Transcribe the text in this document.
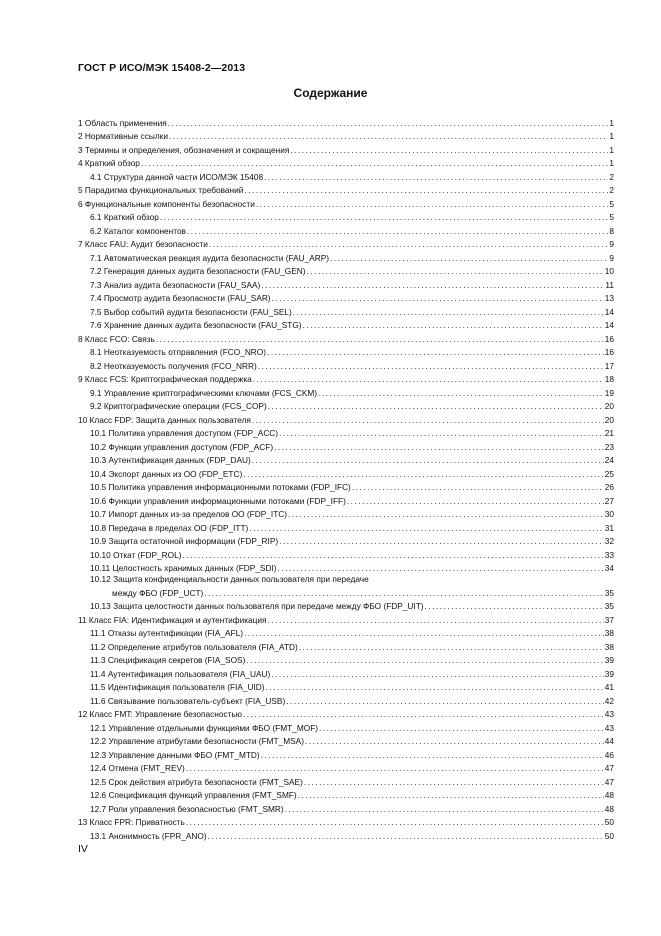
ГОСТ Р ИСО/МЭК 15408-2—2013
Содержание
1 Область применения . . .	1
2 Нормативные ссылки . . .	1
3 Термины и определения, обозначения и сокращения . . .	1
4 Краткий обзор . . .	1
4.1 Структура данной части ИСО/МЭК 15408 . . .	2
5 Парадигма функциональных требований . . .	2
6 Функциональные компоненты безопасности . . .	5
6.1 Краткий обзор . . .	5
6.2 Каталог компонентов . . .	8
7 Класс FAU: Аудит безопасности . . .	9
7.1 Автоматическая реакция аудита безопасности (FAU_ARP) . . .	9
7.2 Генерация данных аудита безопасности (FAU_GEN) . . .	10
7.3 Анализ аудита безопасности (FAU_SAA) . . .	11
7.4 Просмотр аудита безопасности (FAU_SAR) . . .	13
7.5 Выбор событий аудита безопасности (FAU_SEL) . . .	14
7.6 Хранение данных аудита безопасности (FAU_STG) . . .	14
8 Класс FCO: Связь . . .	16
8.1 Неотказуемость отправления (FCO_NRO) . . .	16
8.2 Неотказуемость получения (FCO_NRR) . . .	17
9 Класс FCS: Криптографическая поддержка . . .	18
9.1 Управление криптографическими ключами (FCS_CKM) . . .	19
9.2 Криптографические операции (FCS_COP) . . .	20
10 Класс FDP: Защита данных пользователя . . .	20
10.1 Политика управления доступом (FDP_ACC) . . .	21
10.2 Функции управления доступом (FDP_ACF) . . .	23
10.3 Аутентификация данных (FDP_DAU) . . .	24
10.4 Экспорт данных из ОО (FDP_ETC) . . .	25
10.5 Политика управления информационными потоками (FDP_IFC) . . .	26
10.6 Функции управления информационными потоками (FDP_IFF) . . .	27
10.7 Импорт данных из-за пределов ОО (FDP_ITC) . . .	30
10.8 Передача в пределах ОО (FDP_ITT) . . .	31
10.9 Защита остаточной информации (FDP_RIP) . . .	32
10.10 Откат (FDP_ROL) . . .	33
10.11 Целостность хранимых данных (FDP_SDI) . . .	34
10.12 Защита конфиденциальности данных пользователя при передаче
между ФБО (FDP_UCT) . . .	35
10.13 Защита целостности данных пользователя при передаче между ФБО (FDP_UIT) . . .	35
11 Класс FIA: Идентификация и аутентификация . . .	37
11.1 Отказы аутентификации (FIA_AFL) . . .	38
11.2 Определение атрибутов пользователя (FIA_ATD) . . .	38
11.3 Спецификация секретов (FIA_SOS) . . .	39
11.4 Аутентификация пользователя (FIA_UAU) . . .	39
11.5 Идентификация пользователя (FIA_UID) . . .	41
11.6 Связывание пользователь-субъект (FIA_USB) . . .	42
12 Класс FMT: Управление безопасностью . . .	43
12.1 Управление отдельными функциями ФБО (FMT_MOF) . . .	43
12.2 Управление атрибутами безопасности (FMT_MSA) . . .	44
12.3 Управление данными ФБО (FMT_MTD) . . .	46
12.4 Отмена (FMT_REV) . . .	47
12.5 Срок действия атрибута безопасности (FMT_SAE) . . .	47
12.6 Спецификация функций управления (FMT_SMF) . . .	48
12.7 Роли управления безопасностью (FMT_SMR) . . .	48
13 Класс FPR: Приватность . . .	50
13.1 Анонимность (FPR_ANO) . . .	50
IV
